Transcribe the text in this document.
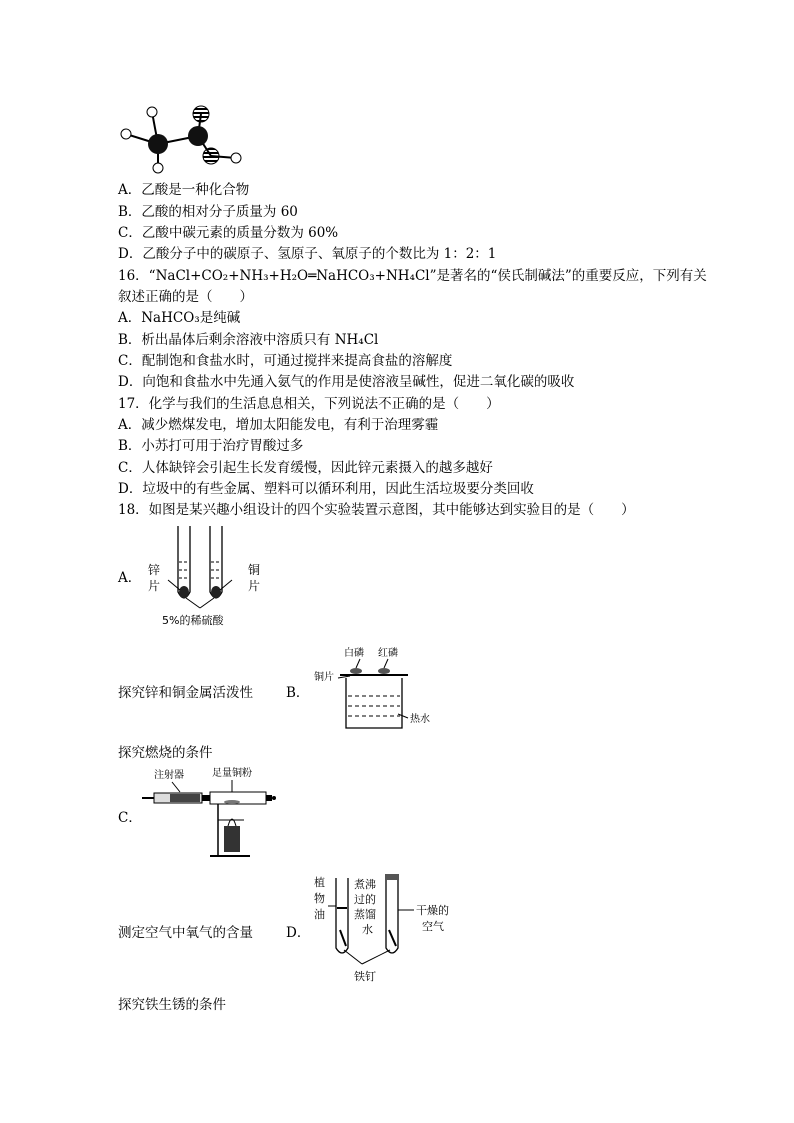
A．乙酸是一种化合物
B．乙酸的相对分子质量为 60
C．乙酸中碳元素的质量分数为 60%
D．乙酸分子中的碳原子、氢原子、氧原子的个数比为 1：2：1
16．“NaCl+CO₂+NH₃+H₂O═NaHCO₃+NH₄Cl”是著名的“侯氏制碱法”的重要反应，下列有关
叙述正确的是（　　）
A．NaHCO₃是纯碱
B．析出晶体后剩余溶液中溶质只有 NH₄Cl
C．配制饱和食盐水时，可通过搅拌来提高食盐的溶解度
D．向饱和食盐水中先通入氨气的作用是使溶液呈碱性，促进二氧化碳的吸收
17．化学与我们的生活息息相关，下列说法不正确的是（　　）
A．减少燃煤发电，增加太阳能发电，有利于治理雾霾
B．小苏打可用于治疗胃酸过多
C．人体缺锌会引起生长发育缓慢，因此锌元素摄入的越多越好
D．垃圾中的有些金属、塑料可以循环利用，因此生活垃圾要分类回收
18．如图是某兴趣小组设计的四个实验装置示意图，其中能够达到实验目的是（　　）
A． 锌
片
铜
片
5%的稀硫酸
探究锌和铜金属活泼性 B．
白磷 红磷
铜片
热水
探究燃烧的条件
C．
注射器	足量铜粉
测定空气中氧气的含量 D．
植
物
油
煮沸
过的
蒸馏
水
干燥的
空气
铁钉
探究铁生锈的条件
